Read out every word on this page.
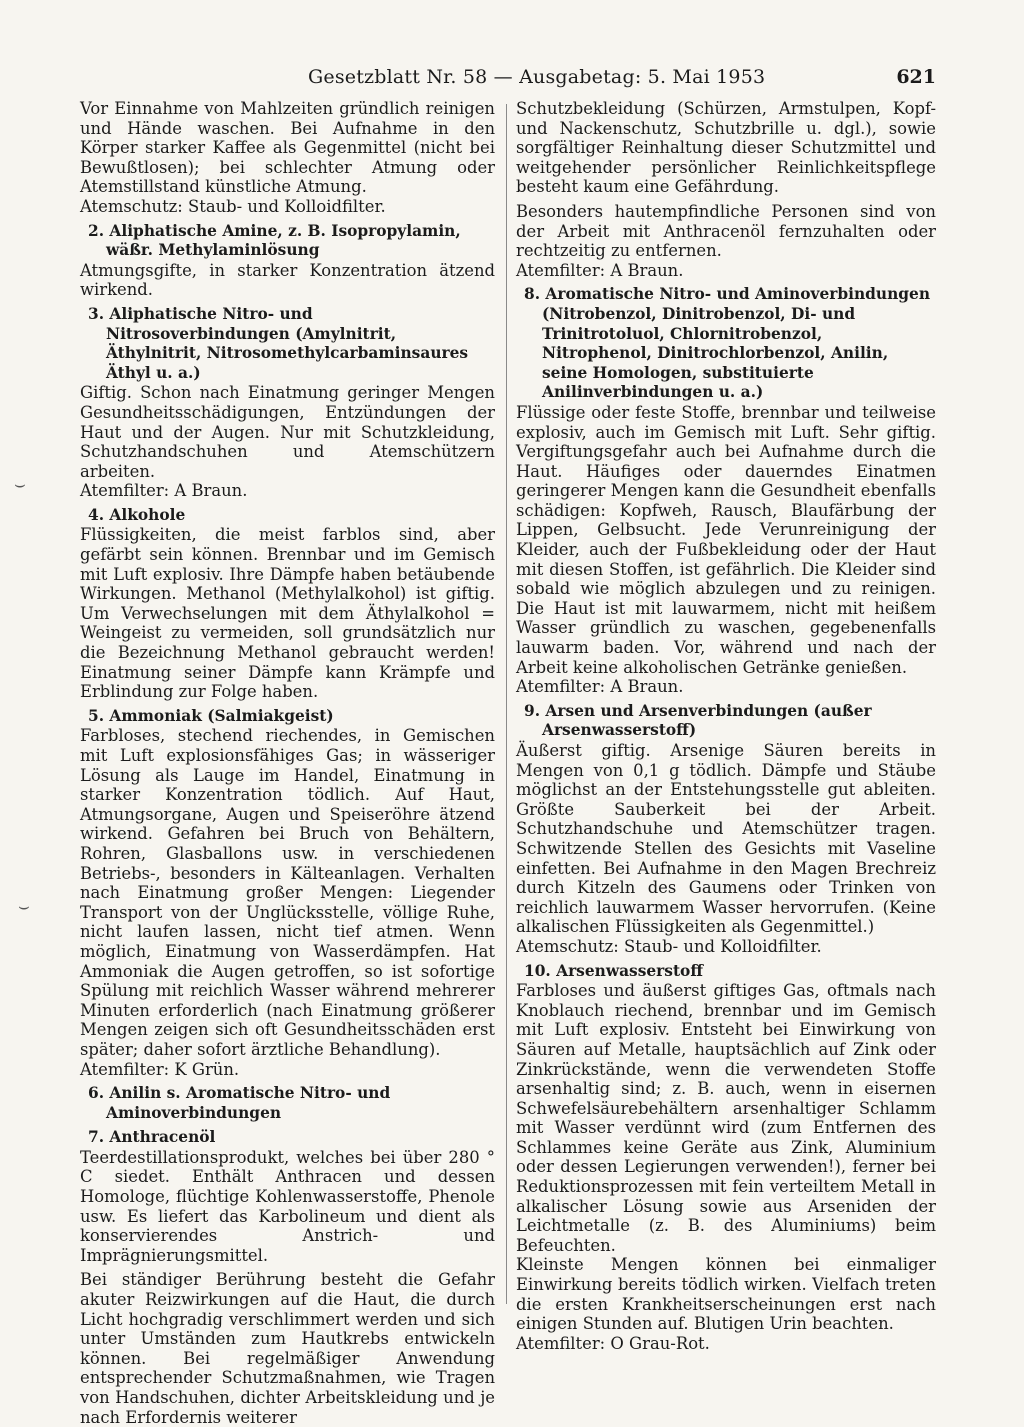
Gesetzblatt Nr. 58 — Ausgabetag: 5. Mai 1953	621
⌣
⌣

Vor Einnahme von Mahlzeiten gründlich reinigen und Hände waschen. Bei Aufnahme in den Körper starker Kaffee als Gegenmittel (nicht bei Bewußtlosen); bei schlechter Atmung oder Atemstillstand künstliche Atmung.

Atemschutz: Staub- und Kolloidfilter.

2. Aliphatische Amine, z. B. Isopropylamin, wäßr. Methylaminlösung

Atmungsgifte, in starker Konzentration ätzend wirkend.

3. Aliphatische Nitro- und Nitrosoverbindungen (Amylnitrit, Äthylnitrit, Nitrosomethylcarbaminsaures Äthyl u. a.)

Giftig. Schon nach Einatmung geringer Mengen Gesundheitsschädigungen, Entzündungen der Haut und der Augen. Nur mit Schutzkleidung, Schutzhandschuhen und Atemschützern arbeiten.

Atemfilter: A Braun.

4. Alkohole

Flüssigkeiten, die meist farblos sind, aber gefärbt sein können. Brennbar und im Gemisch mit Luft explosiv. Ihre Dämpfe haben betäubende Wirkungen. Methanol (Methylalkohol) ist giftig. Um Verwechselungen mit dem Äthylalkohol = Weingeist zu vermeiden, soll grundsätzlich nur die Bezeichnung Methanol gebraucht werden! Einatmung seiner Dämpfe kann Krämpfe und Erblindung zur Folge haben.

5. Ammoniak (Salmiakgeist)

Farbloses, stechend riechendes, in Gemischen mit Luft explosionsfähiges Gas; in wässeriger Lösung als Lauge im Handel, Einatmung in starker Konzentration tödlich. Auf Haut, Atmungsorgane, Augen und Speiseröhre ätzend wirkend. Gefahren bei Bruch von Behältern, Rohren, Glasballons usw. in verschiedenen Betriebs-, besonders in Kälteanlagen. Verhalten nach Einatmung großer Mengen: Liegender Transport von der Unglücksstelle, völlige Ruhe, nicht laufen lassen, nicht tief atmen. Wenn möglich, Einatmung von Wasserdämpfen. Hat Ammoniak die Augen getroffen, so ist sofortige Spülung mit reichlich Wasser während mehrerer Minuten erforderlich (nach Einatmung größerer Mengen zeigen sich oft Gesundheitsschäden erst später; daher sofort ärztliche Behandlung).

Atemfilter: K Grün.

6. Anilin s. Aromatische Nitro- und Aminoverbindungen

7. Anthracenöl

Teerdestillationsprodukt, welches bei über 280 ° C siedet. Enthält Anthracen und dessen Homologe, flüchtige Kohlenwasserstoffe, Phenole usw. Es liefert das Karbolineum und dient als konservierendes Anstrich- und Imprägnierungsmittel.

Bei ständiger Berührung besteht die Gefahr akuter Reizwirkungen auf die Haut, die durch Licht hochgradig verschlimmert werden und sich unter Umständen zum Hautkrebs entwickeln können. Bei regelmäßiger Anwendung entsprechender Schutzmaßnahmen, wie Tragen von Handschuhen, dichter Arbeitskleidung und je nach Erfordernis weiterer

Schutzbekleidung (Schürzen, Armstulpen, Kopf- und Nackenschutz, Schutzbrille u. dgl.), sowie sorgfältiger Reinhaltung dieser Schutzmittel und weitgehender persönlicher Reinlichkeitspflege besteht kaum eine Gefährdung.

Besonders hautempfindliche Personen sind von der Arbeit mit Anthracenöl fernzuhalten oder rechtzeitig zu entfernen.

Atemfilter: A Braun.

8. Aromatische Nitro- und Aminoverbindungen (Nitrobenzol, Dinitrobenzol, Di- und Trinitrotoluol, Chlornitrobenzol, Nitrophenol, Dinitrochlorbenzol, Anilin, seine Homologen, substituierte Anilinverbindungen u. a.)

Flüssige oder feste Stoffe, brennbar und teilweise explosiv, auch im Gemisch mit Luft. Sehr giftig. Vergiftungsgefahr auch bei Aufnahme durch die Haut. Häufiges oder dauerndes Einatmen geringerer Mengen kann die Gesundheit ebenfalls schädigen: Kopfweh, Rausch, Blaufärbung der Lippen, Gelbsucht. Jede Verunreinigung der Kleider, auch der Fußbekleidung oder der Haut mit diesen Stoffen, ist gefährlich. Die Kleider sind sobald wie möglich abzulegen und zu reinigen. Die Haut ist mit lauwarmem, nicht mit heißem Wasser gründlich zu waschen, gegebenenfalls lauwarm baden. Vor, während und nach der Arbeit keine alkoholischen Getränke genießen.

Atemfilter: A Braun.

9. Arsen und Arsenverbindungen (außer Arsenwasserstoff)

Äußerst giftig. Arsenige Säuren bereits in Mengen von 0,1 g tödlich. Dämpfe und Stäube möglichst an der Entstehungsstelle gut ableiten. Größte Sauberkeit bei der Arbeit. Schutzhandschuhe und Atemschützer tragen. Schwitzende Stellen des Gesichts mit Vaseline einfetten. Bei Aufnahme in den Magen Brechreiz durch Kitzeln des Gaumens oder Trinken von reichlich lauwarmem Wasser hervorrufen. (Keine alkalischen Flüssigkeiten als Gegenmittel.)

Atemschutz: Staub- und Kolloidfilter.

10. Arsenwasserstoff

Farbloses und äußerst giftiges Gas, oftmals nach Knoblauch riechend, brennbar und im Gemisch mit Luft explosiv. Entsteht bei Einwirkung von Säuren auf Metalle, hauptsächlich auf Zink oder Zinkrückstände, wenn die verwendeten Stoffe arsenhaltig sind; z. B. auch, wenn in eisernen Schwefelsäurebehältern arsenhaltiger Schlamm mit Wasser verdünnt wird (zum Entfernen des Schlammes keine Geräte aus Zink, Aluminium oder dessen Legierungen verwenden!), ferner bei Reduktionsprozessen mit fein verteiltem Metall in alkalischer Lösung sowie aus Arseniden der Leichtmetalle (z. B. des Aluminiums) beim Befeuchten.

Kleinste Mengen können bei einmaliger Einwirkung bereits tödlich wirken. Vielfach treten die ersten Krankheitserscheinungen erst nach einigen Stunden auf. Blutigen Urin beachten.

Atemfilter: O Grau-Rot.
